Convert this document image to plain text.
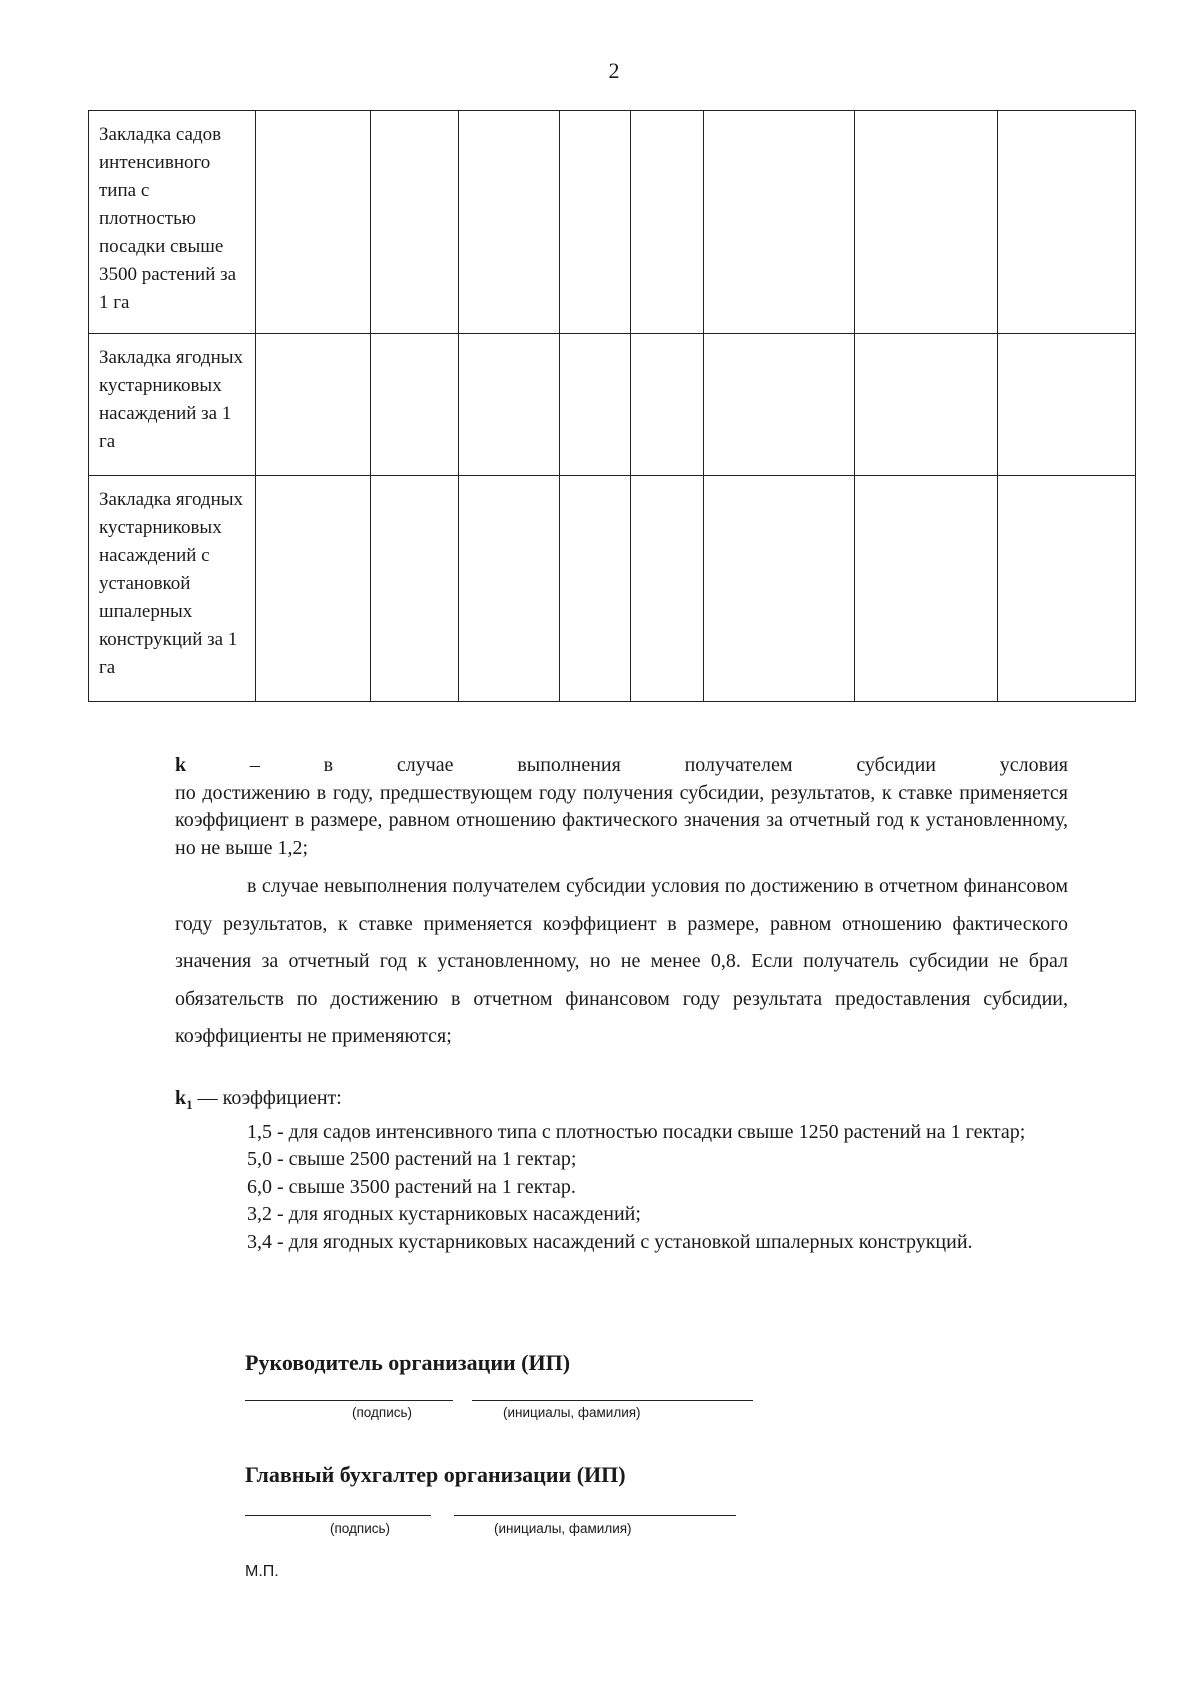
2
Закладка садов интенсивного типа с плотностью посадки свыше 3500 растений за 1 га								
Закладка ягодных кустарниковых насаждений за 1 га								
Закладка ягодных кустарниковых насаждений с установкой шпалерных конструкций за 1 га								
k	–	в	случае	выполнения	получателем	субсидии	условия

по достижению в году, предшествующем году получения субсидии, результатов, к ставке применяется коэффициент в размере, равном отношению фактического значения за отчетный год к установленному, но не выше 1,2;

в случае невыполнения получателем субсидии условия по достижению в отчетном финансовом году результатов, к ставке применяется коэффициент в размере, равном отношению фактического значения за отчетный год к установленному, но не менее 0,8. Если получатель субсидии не брал обязательств по достижению в отчетном финансовом году результата предоставления субсидии, коэффициенты не применяются;

$k_1$ — коэффициент:

1,5 - для садов интенсивного типа с плотностью посадки свыше 1250 растений на 1 гектар;

5,0 - свыше 2500 растений на 1 гектар;

6,0 - свыше 3500 растений на 1 гектар.

3,2 - для ягодных кустарниковых насаждений;

3,4 - для ягодных кустарниковых насаждений с установкой шпалерных конструкций.

Руководитель организации (ИП)
(подпись)	(инициалы, фамилия)
Главный бухгалтер организации (ИП)
(подпись)	(инициалы, фамилия)
М.П.
